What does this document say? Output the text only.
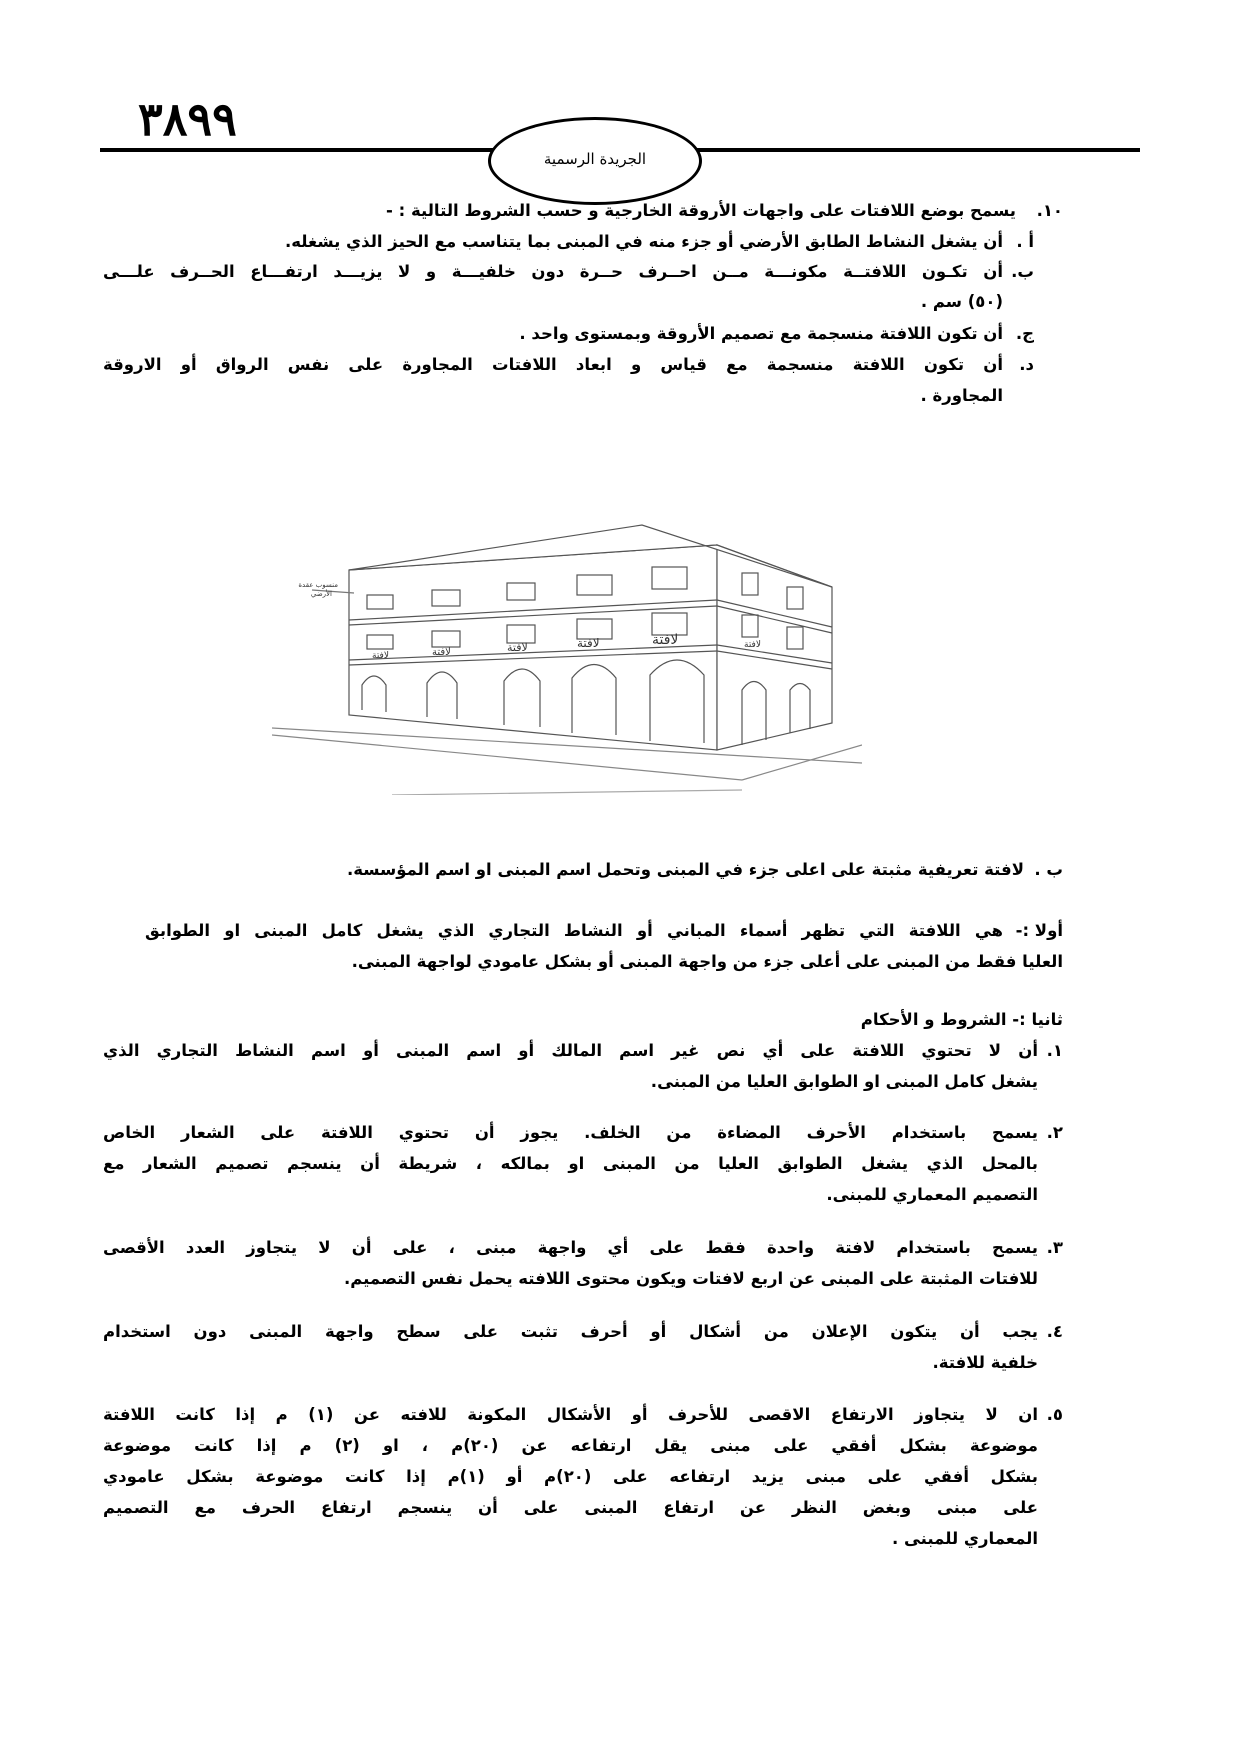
٣٨٩٩
الجريدة الرسمية
١٠.
يسمح بوضع اللافتات على واجهات الأروقة الخارجية و حسب الشروط التالية : -
أ .
أن يشغل النشاط الطابق الأرضي أو جزء منه في المبنى بما يتناسب مع الحيز الذي يشغله.
ب.
أن تكـون اللافتــة مكونـــة مــن احــرف حــرة دون خلفيـــة و لا يزيـــد ارتفـــاع الحــرف علـــى
(٥٠) سم .
ج.
أن تكون اللافتة منسجمة مع تصميم الأروقة وبمستوى واحد .
د.
أن تكون اللافتة منسجمة مع قياس و ابعاد اللافتات المجاورة على نفس الرواق أو الاروقة
المجاورة .
منسوب عقدة
الأرضي
لافتة	لافتة	لافتة	لافتة	لافتة	لافتة
ب .
لافتة تعريفية مثبتة على اعلى جزء في المبنى وتحمل اسم المبنى او اسم المؤسسة.
أولا :-
هي اللافتة التي تظهر أسماء المباني أو النشاط التجاري الذي يشغل كامل المبنى او الطوابق
العليا فقط من المبنى على أعلى جزء من واجهة المبنى أو بشكل عامودي لواجهة المبنى.
ثانيا :- الشروط و الأحكام
١.
أن لا تحتوي اللافتة على أي نص غير اسم المالك أو اسم المبنى أو اسم النشاط التجاري الذي
يشغل كامل المبنى او الطوابق العليا من المبنى.
٢.
يسمح باستخدام الأحرف المضاءة من الخلف. يجوز أن تحتوي اللافتة على الشعار الخاص
بالمحل الذي يشغل الطوابق العليا من المبنى او بمالكه ، شريطة أن ينسجم تصميم الشعار مع
التصميم المعماري للمبنى.
٣.
يسمح باستخدام لافتة واحدة فقط على أي واجهة مبنى ، على أن لا يتجاوز العدد الأقصى
للافتات المثبتة على المبنى عن اربع لافتات ويكون محتوى اللافته يحمل نفس التصميم.
٤.
يجب أن يتكون الإعلان من أشكال أو أحرف تثبت على سطح واجهة المبنى دون استخدام
خلفية للافتة.
٥.
ان لا يتجاوز الارتفاع الاقصى للأحرف أو الأشكال المكونة للافته عن (١) م إذا كانت اللافتة
موضوعة بشكل أفقي على مبنى يقل ارتفاعه عن (٢٠)م ، او (٢) م إذا كانت موضوعة
بشكل أفقي على مبنى يزيد ارتفاعه على (٢٠)م أو (١)م إذا كانت موضوعة بشكل عامودي
على مبنى وبغض النظر عن ارتفاع المبنى على أن ينسجم ارتفاع الحرف مع التصميم
المعماري للمبنى .
